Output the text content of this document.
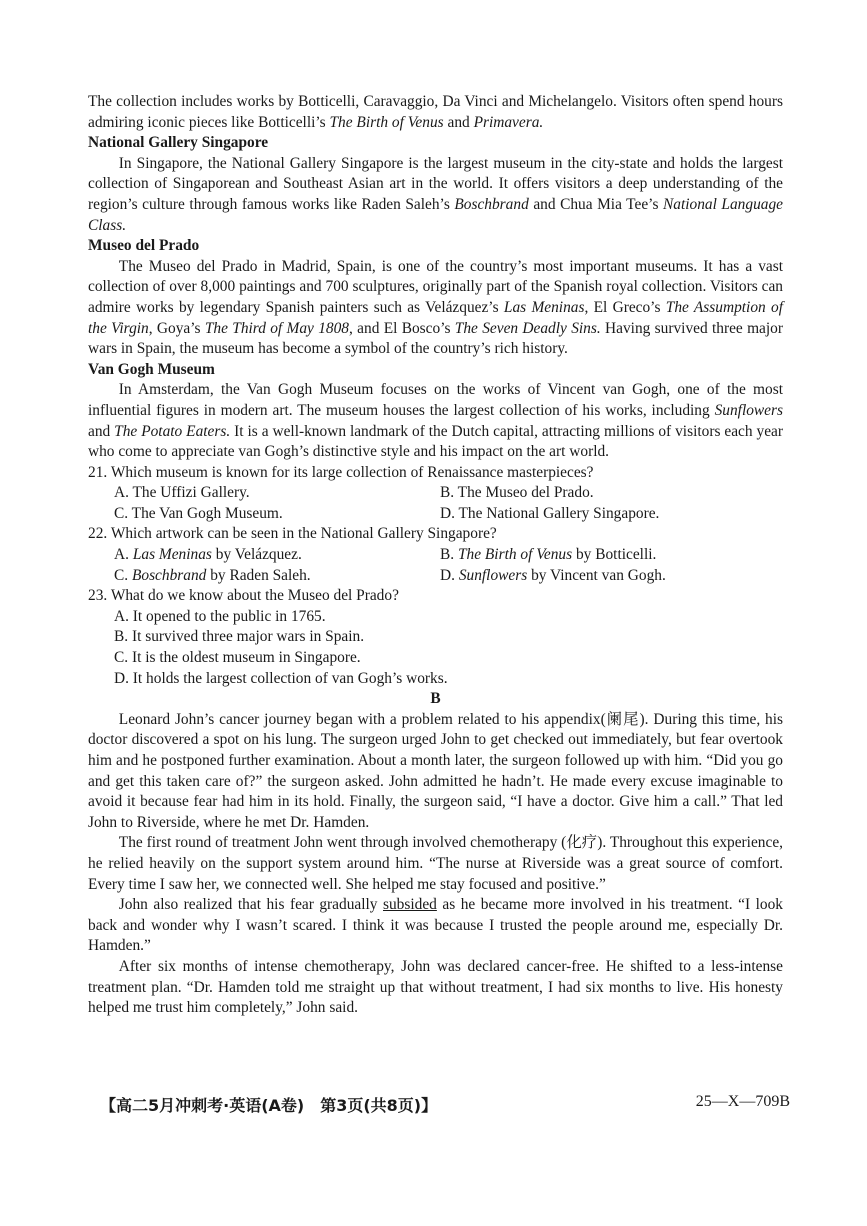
The collection includes works by Botticelli, Caravaggio, Da Vinci and Michelangelo. Visitors often spend hours admiring iconic pieces like Botticelli’s The Birth of Venus and Primavera.

National Gallery Singapore

In Singapore, the National Gallery Singapore is the largest museum in the city-state and holds the largest collection of Singaporean and Southeast Asian art in the world. It offers visitors a deep understanding of the region’s culture through famous works like Raden Saleh’s Boschbrand and Chua Mia Tee’s National Language Class.

Museo del Prado

The Museo del Prado in Madrid, Spain, is one of the country’s most important museums. It has a vast collection of over 8,000 paintings and 700 sculptures, originally part of the Spanish royal collection. Visitors can admire works by legendary Spanish painters such as Velázquez’s Las Meninas, El Greco’s The Assumption of the Virgin, Goya’s The Third of May 1808, and El Bosco’s The Seven Deadly Sins. Having survived three major wars in Spain, the museum has become a symbol of the country’s rich history.

Van Gogh Museum

In Amsterdam, the Van Gogh Museum focuses on the works of Vincent van Gogh, one of the most influential figures in modern art. The museum houses the largest collection of his works, including Sunflowers and The Potato Eaters. It is a well-known landmark of the Dutch capital, attracting millions of visitors each year who come to appreciate van Gogh’s distinctive style and his impact on the art world.

21. Which museum is known for its large collection of Renaissance masterpieces?

A. The Uffizi Gallery.	B. The Museo del Prado.
C. The Van Gogh Museum.	D. The National Gallery Singapore.

22. Which artwork can be seen in the National Gallery Singapore?

A. Las Meninas by Velázquez.	B. The Birth of Venus by Botticelli.
C. Boschbrand by Raden Saleh.	D. Sunflowers by Vincent van Gogh.

23. What do we know about the Museo del Prado?

A. It opened to the public in 1765.

B. It survived three major wars in Spain.

C. It is the oldest museum in Singapore.

D. It holds the largest collection of van Gogh’s works.

B

Leonard John’s cancer journey began with a problem related to his appendix(阑尾). During this time, his doctor discovered a spot on his lung. The surgeon urged John to get checked out immediately, but fear overtook him and he postponed further examination. About a month later, the surgeon followed up with him. “Did you go and get this taken care of?” the surgeon asked. John admitted he hadn’t. He made every excuse imaginable to avoid it because fear had him in its hold. Finally, the surgeon said, “I have a doctor. Give him a call.” That led John to Riverside, where he met Dr. Hamden.

The first round of treatment John went through involved chemotherapy (化疗). Throughout this experience, he relied heavily on the support system around him. “The nurse at Riverside was a great source of comfort. Every time I saw her, we connected well. She helped me stay focused and positive.”

John also realized that his fear gradually subsided as he became more involved in his treatment. “I look back and wonder why I wasn’t scared. I think it was because I trusted the people around me, especially Dr. Hamden.”

After six months of intense chemotherapy, John was declared cancer-free. He shifted to a less-intense treatment plan. “Dr. Hamden told me straight up that without treatment, I had six months to live. His honesty helped me trust him completely,” John said.

【高二5月冲刺考·英语(A卷)　第3页(共8页)】	25—X—709B
